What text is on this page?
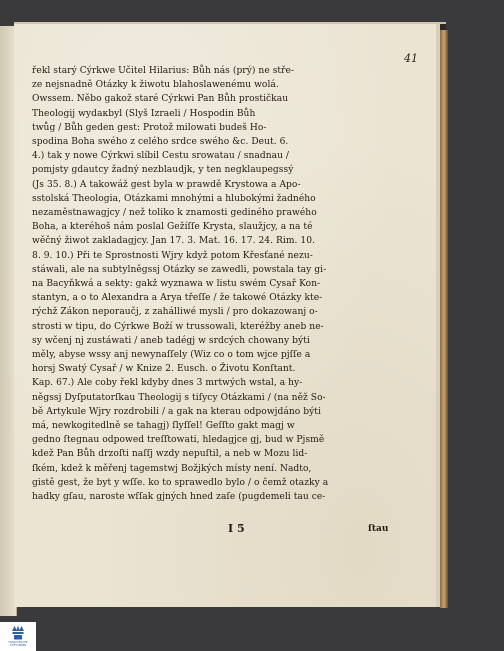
41
řekl starý Cýrkwe Učitel Hilarius: Bůh nás (prý) ne stře-
ze nejsnadně Otázky k žiwotu blahoslawenému wolá.
Owssem. Něbo gakož staré Cýrkwi Pan Bůh prostičkau
Theologij wydaκbyl (Slyš Izraeli / Hospodin Bůh
twůg / Bůh geden gest: Protož milowati budeš Ho-
spodina Boha swého z celého srdce swého &c. Deut. 6.
4.) tak y nowe Cýrkwi slíbil Cestu srowatau / snadnau /
pomjsty gdautcy žadný nezblaudjk, y ten negklaupegssý
(Js 35. 8.) A takowáž gest byla w prawdě Krystowa a Apo-
sstolská Theologia, Otázkami mnohými a hlubokými žadného
nezaměstnawagjcy / než toliko k znamosti gediného prawého
Boha, a kteréhoš nám poslal Gežíſſe Krysta, slaužjcy, a na té
wěčný žiwot zakladagjcy. Jan 17. 3. Mat. 16. 17. 24. Rim. 10.
8. 9. 10.) Při te Sprostnosti Wjry když potom Křesťané nezu-
stáwali, ale na subtylněgssj Otázky se zawedli, powstala tay gi-
na Bacyňkwá a sekty: gakž wyznawa w listu swém Cysař Kon-
stantyn, a o to Alexandra a Arya třeſſe / že takowé Otázky kte-
rýchž Zákon neporaučj, z zahálliwé mysli / pro dokazowanj o-
strosti w tipu, do Cýrkwe Boží w trussowali, kteréžby aneb ne-
sy wčenj nj zustáwati / aneb tadégj w srdcých chowany býti
měly, abyse wssy anj newynaſſely (Wiz co o tom wjce pjſſe a
horsj Swatý Cysař / w Knize 2. Eusch. o Životu Konſtant.
Kap. 67.) Ale coby řekl kdyby dnes 3 mrtwých wstal, a hy-
něgssj Dyſputatorſkau Theologij s tiſycy Otázkami / (na něž So-
bě Artykule Wjry rozdrobili / a gak na kterau odpowjdáno býti
má, newkogitedlně se tahagj) ſlyſſel! Geſſto gakt magj w
gedno ſtegnau odpowed treſſtowati, hledagjce gj, bud w Pjsmě
kdež Pan Bůh drzoſti naſſj wzdy nepuſtil, a neb w Mozu lid-
ſkém, kdež k měřenj tagemstwj Božjkých místy není. Nadto,
gistě gest, že byt y wſſe. ko to sprawedlo bylo / o čemž otazky a
hadky gſau, naroste wſſak gjných hned zaſe (pugdemeli tau ce-
I 5	ſtau
FRANCKESCHE
STIFTUNGEN
